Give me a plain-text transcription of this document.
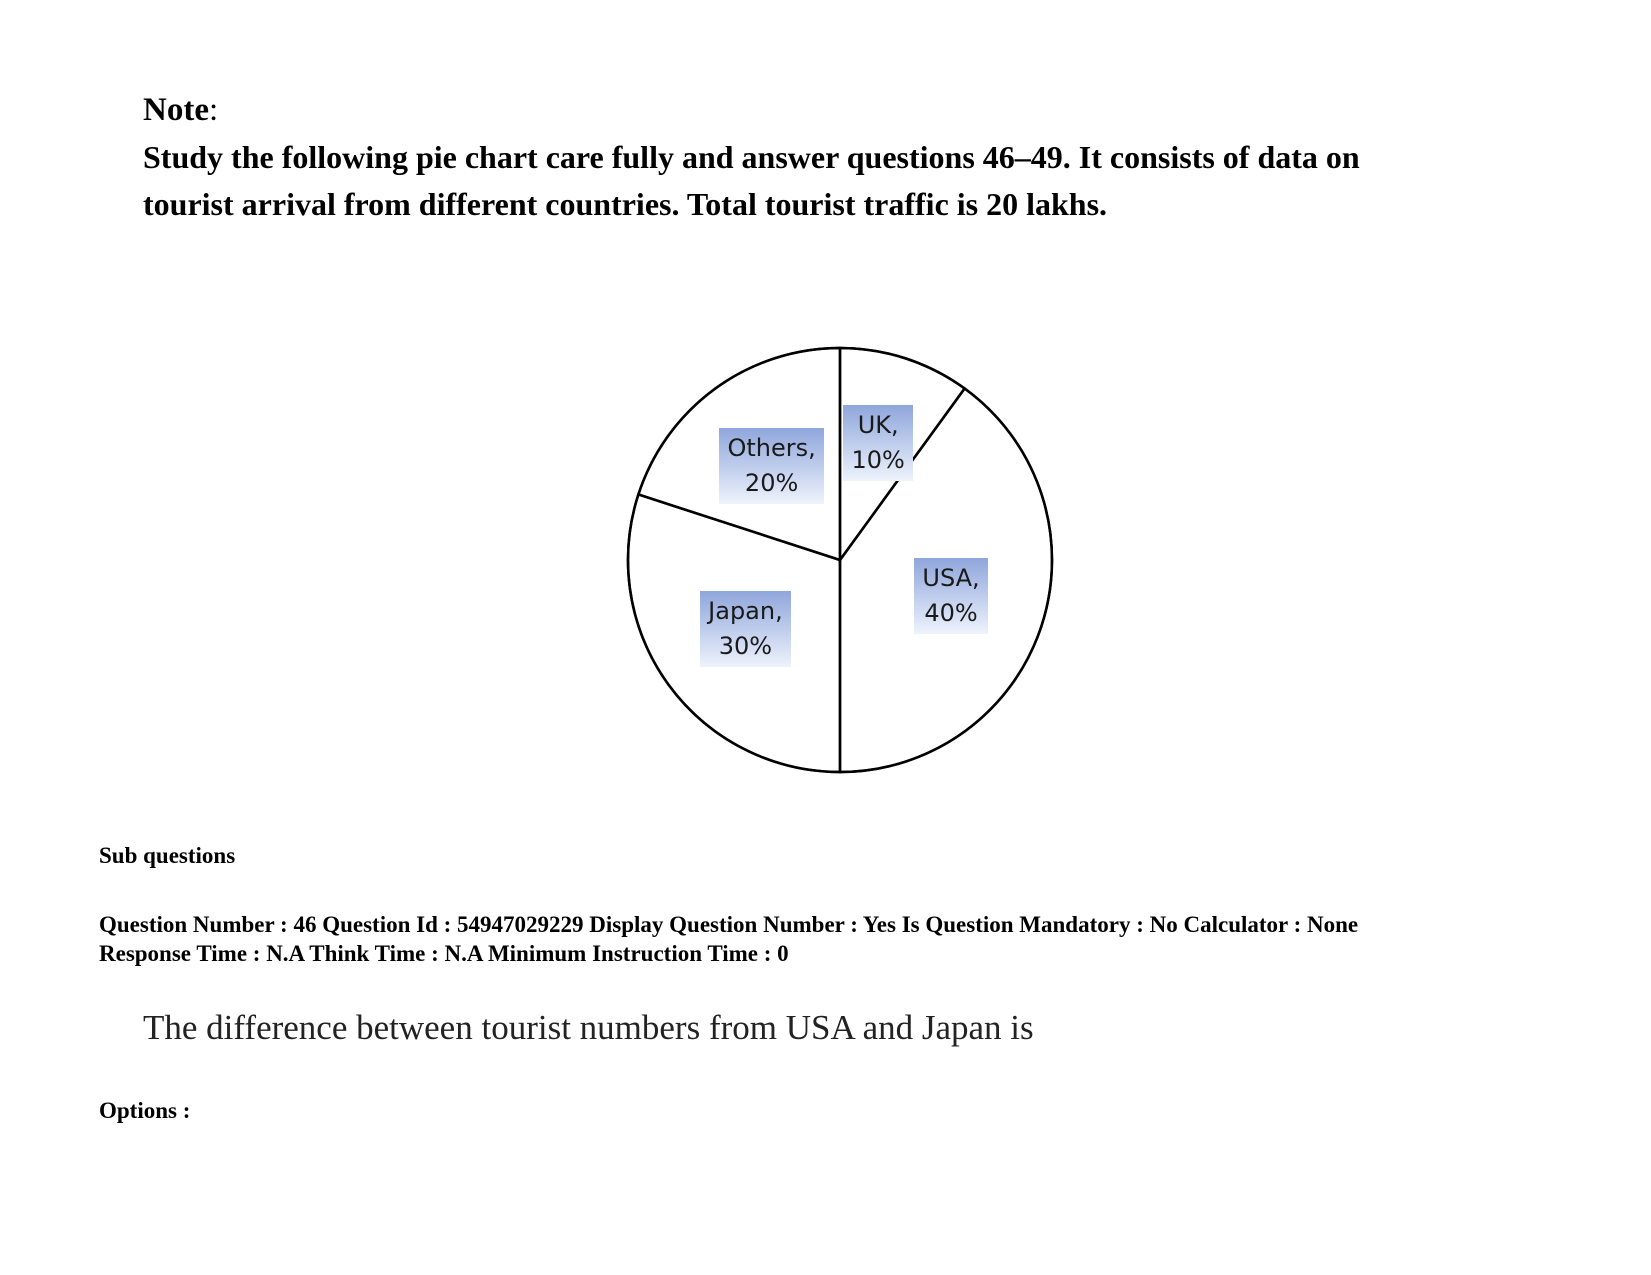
Note:
Study the following pie chart care fully and answer questions 46–49. It consists of data on
tourist arrival from different countries. Total tourist traffic is 20 lakhs.
UK,
10%
USA,
40%
Japan,
30%
Others,
20%
Sub questions
Question Number : 46 Question Id : 54947029229 Display Question Number : Yes Is Question Mandatory : No Calculator : None
Response Time : N.A Think Time : N.A Minimum Instruction Time : 0
The difference between tourist numbers from USA and Japan is
Options :
